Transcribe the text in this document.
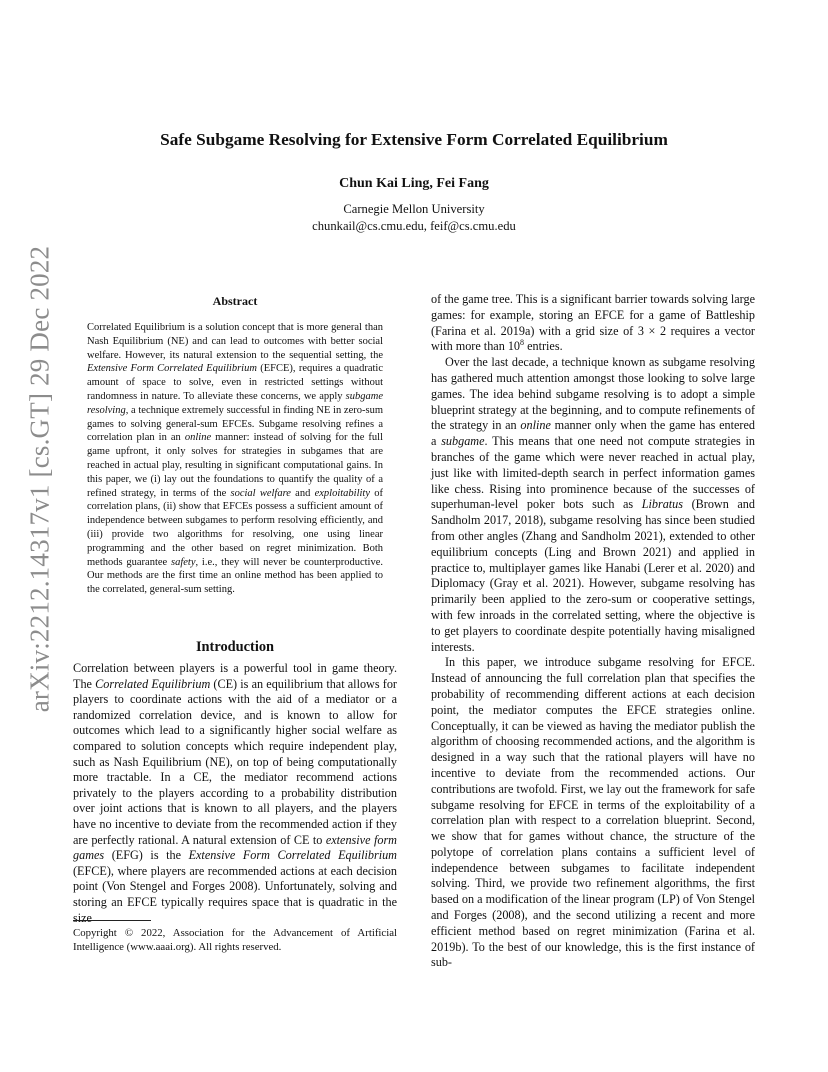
arXiv:2212.14317v1 [cs.GT] 29 Dec 2022
Safe Subgame Resolving for Extensive Form Correlated Equilibrium
Chun Kai Ling, Fei Fang
Carnegie Mellon University
chunkail@cs.cmu.edu, feif@cs.cmu.edu
Abstract

Correlated Equilibrium is a solution concept that is more general than Nash Equilibrium (NE) and can lead to outcomes with better social welfare. However, its natural extension to the sequential setting, the Extensive Form Correlated Equilibrium (EFCE), requires a quadratic amount of space to solve, even in restricted settings without randomness in nature. To alleviate these concerns, we apply subgame resolving, a technique extremely successful in finding NE in zero-sum games to solving general-sum EFCEs. Subgame resolving refines a correlation plan in an online manner: instead of solving for the full game upfront, it only solves for strategies in subgames that are reached in actual play, resulting in significant computational gains. In this paper, we (i) lay out the foundations to quantify the quality of a refined strategy, in terms of the social welfare and exploitability of correlation plans, (ii) show that EFCEs possess a sufficient amount of independence between subgames to perform resolving efficiently, and (iii) provide two algorithms for resolving, one using linear programming and the other based on regret minimization. Both methods guarantee safety, i.e., they will never be counterproductive. Our methods are the first time an online method has been applied to the correlated, general-sum setting.

Introduction

Correlation between players is a powerful tool in game theory. The Correlated Equilibrium (CE) is an equilibrium that allows for players to coordinate actions with the aid of a mediator or a randomized correlation device, and is known to allow for outcomes which lead to a significantly higher social welfare as compared to solution concepts which require independent play, such as Nash Equilibrium (NE), on top of being computationally more tractable. In a CE, the mediator recommend actions privately to the players according to a probability distribution over joint actions that is known to all players, and the players have no incentive to deviate from the recommended action if they are perfectly rational. A natural extension of CE to extensive form games (EFG) is the Extensive Form Correlated Equilibrium (EFCE), where players are recommended actions at each decision point (Von Stengel and Forges 2008). Unfortunately, solving and storing an EFCE typically requires space that is quadratic in the size

Copyright © 2022, Association for the Advancement of Artificial Intelligence (www.aaai.org). All rights reserved.

of the game tree. This is a significant barrier towards solving large games: for example, storing an EFCE for a game of Battleship (Farina et al. 2019a) with a grid size of 3 × 2 requires a vector with more than $10^8$ entries.

Over the last decade, a technique known as subgame resolving has gathered much attention amongst those looking to solve large games. The idea behind subgame resolving is to adopt a simple blueprint strategy at the beginning, and to compute refinements of the strategy in an online manner only when the game has entered a subgame. This means that one need not compute strategies in branches of the game which were never reached in actual play, just like with limited-depth search in perfect information games like chess. Rising into prominence because of the successes of superhuman-level poker bots such as Libratus (Brown and Sandholm 2017, 2018), subgame resolving has since been studied from other angles (Zhang and Sandholm 2021), extended to other equilibrium concepts (Ling and Brown 2021) and applied in practice to, multiplayer games like Hanabi (Lerer et al. 2020) and Diplomacy (Gray et al. 2021). However, subgame resolving has primarily been applied to the zero-sum or cooperative settings, with few inroads in the correlated setting, where the objective is to get players to coordinate despite potentially having misaligned interests.

In this paper, we introduce subgame resolving for EFCE. Instead of announcing the full correlation plan that specifies the probability of recommending different actions at each decision point, the mediator computes the EFCE strategies online. Conceptually, it can be viewed as having the mediator publish the algorithm of choosing recommended actions, and the algorithm is designed in a way such that the rational players will have no incentive to deviate from the recommended actions. Our contributions are twofold. First, we lay out the framework for safe subgame resolving for EFCE in terms of the exploitability of a correlation plan with respect to a correlation blueprint. Second, we show that for games without chance, the structure of the polytope of correlation plans contains a sufficient level of independence between subgames to facilitate independent solving. Third, we provide two refinement algorithms, the first based on a modification of the linear program (LP) of Von Stengel and Forges (2008), and the second utilizing a recent and more efficient method based on regret minimization (Farina et al. 2019b). To the best of our knowledge, this is the first instance of sub-
